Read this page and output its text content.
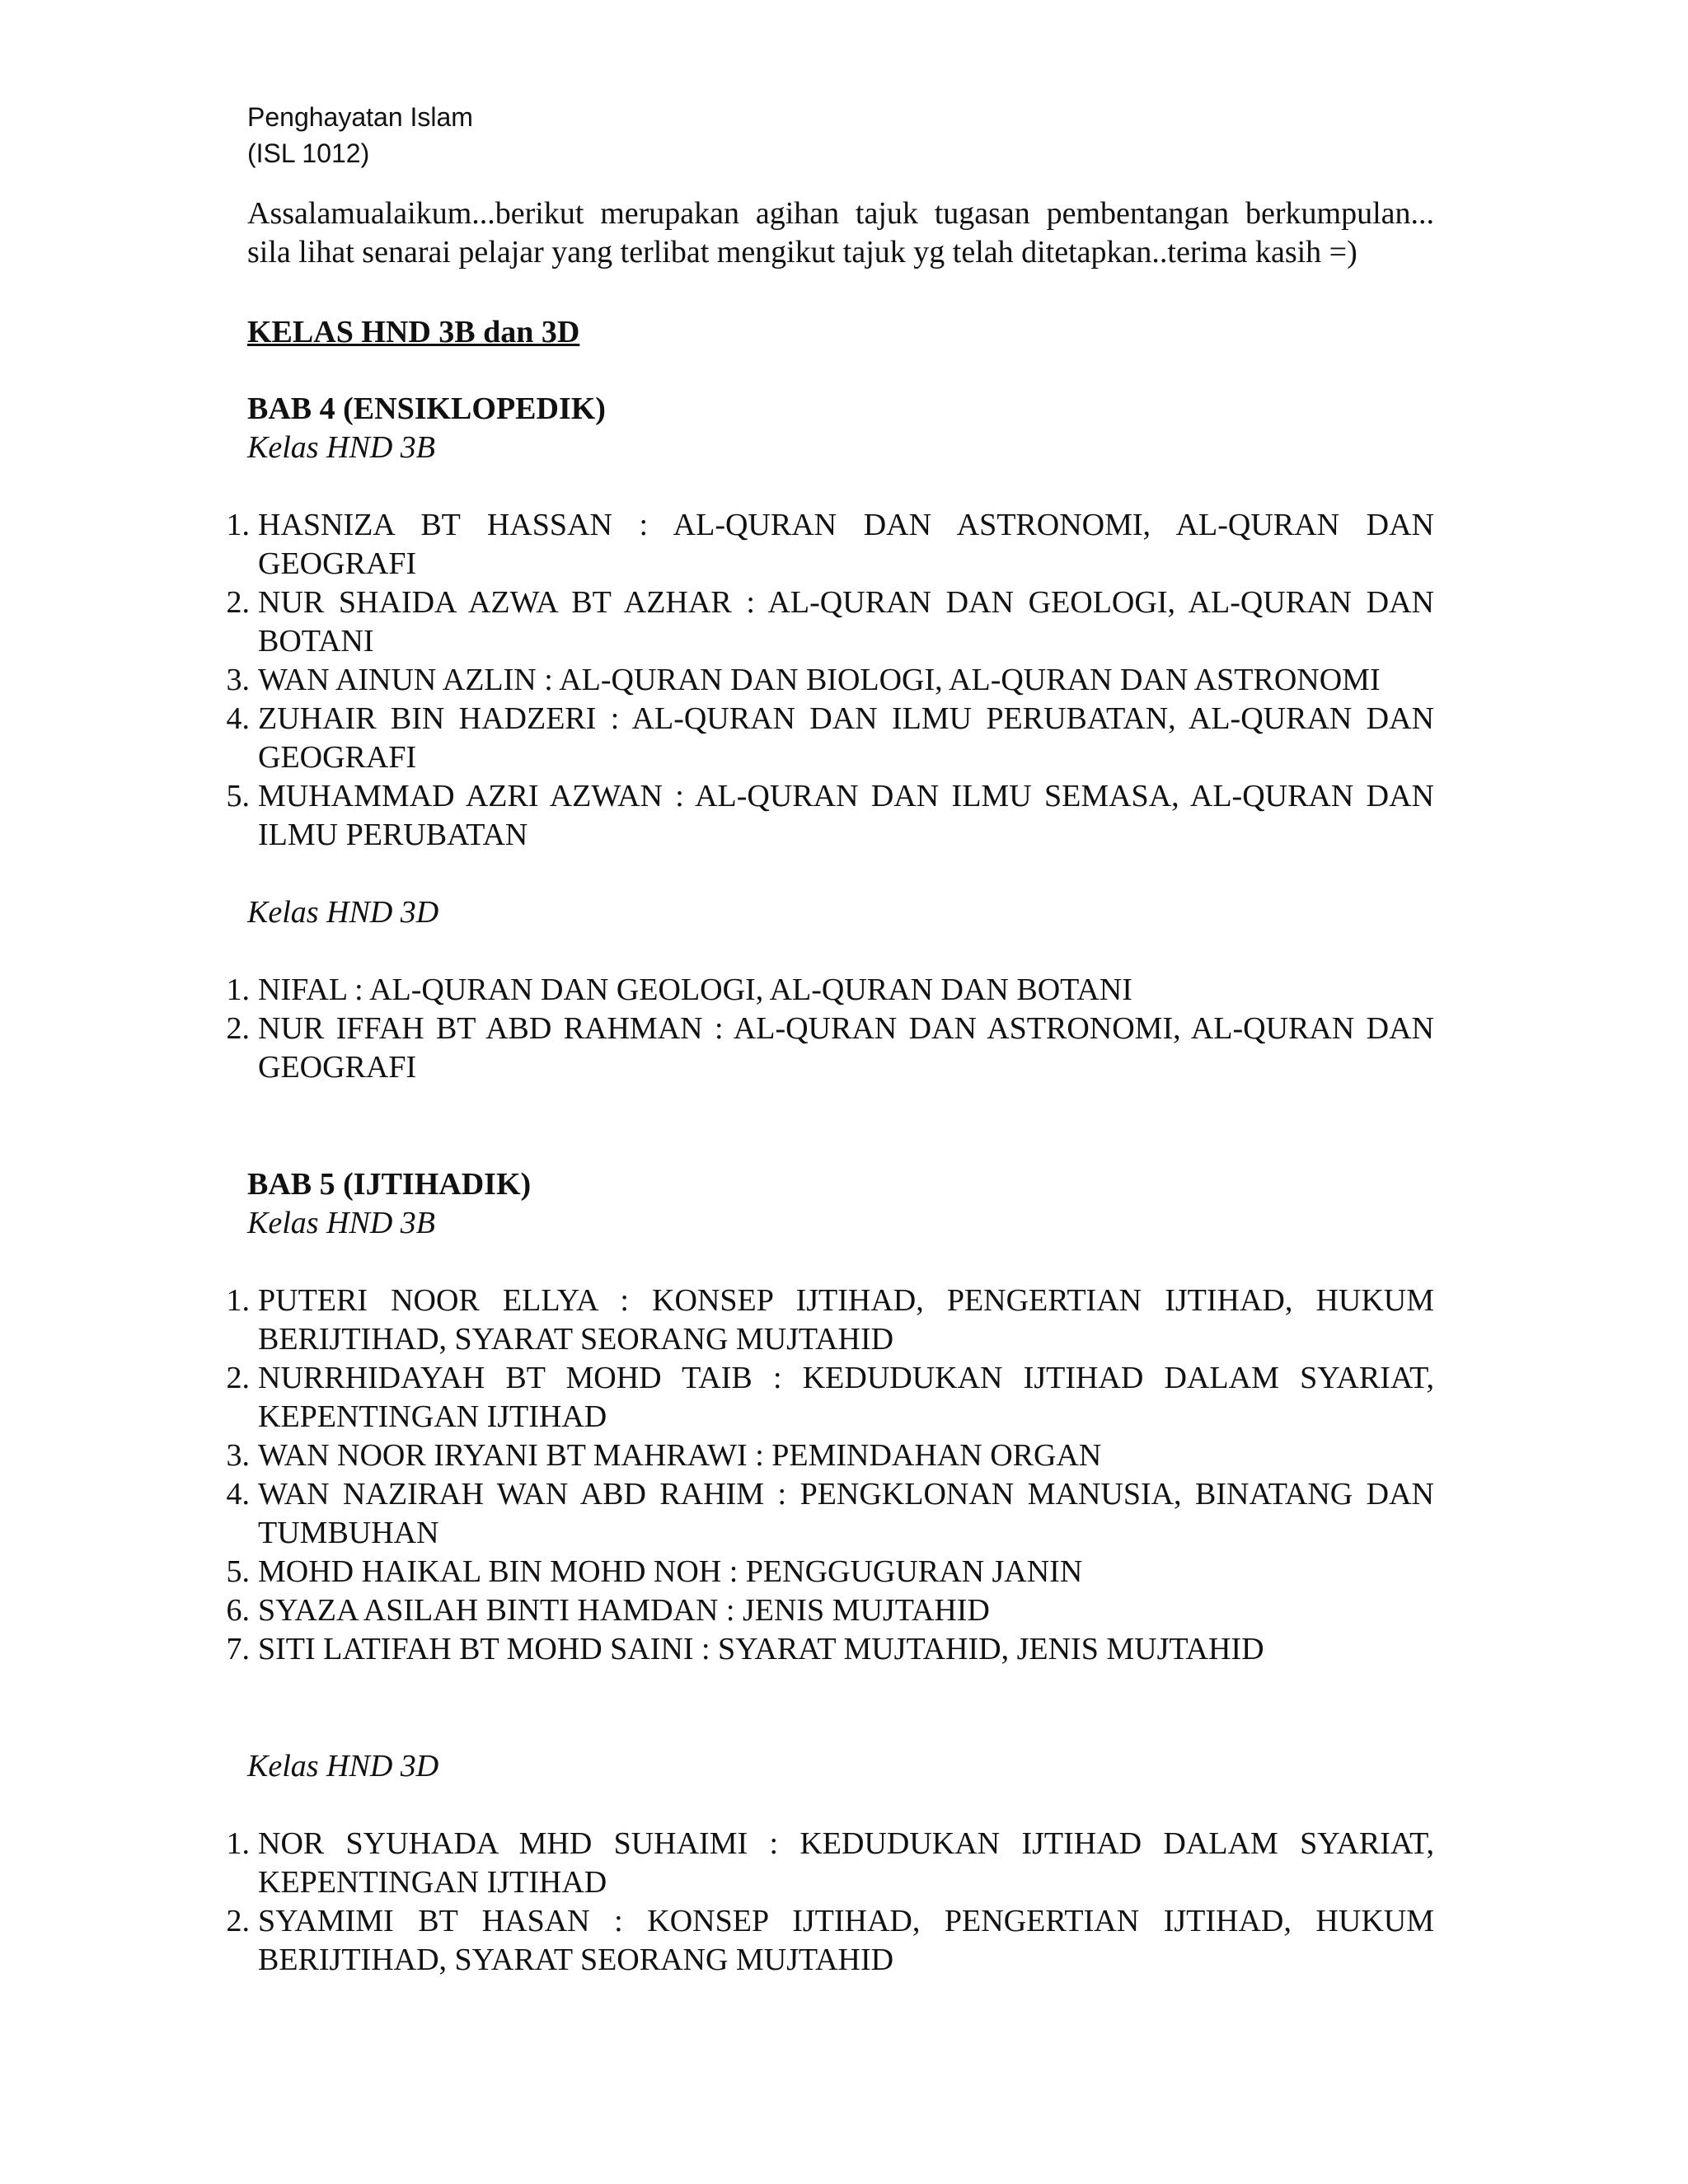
Penghayatan Islam

(ISL 1012)

Assalamualaikum...berikut merupakan agihan tajuk tugasan pembentangan berkumpulan... sila lihat senarai pelajar yang terlibat mengikut tajuk yg telah ditetapkan..terima kasih =)

KELAS HND 3B dan 3D

BAB 4 (ENSIKLOPEDIK)

Kelas HND 3B

1. HASNIZA BT HASSAN : AL-QURAN DAN ASTRONOMI, AL-QURAN DAN GEOGRAFI
2. NUR SHAIDA AZWA BT AZHAR : AL-QURAN DAN GEOLOGI, AL-QURAN DAN BOTANI
3. WAN AINUN AZLIN : AL-QURAN DAN BIOLOGI, AL-QURAN DAN ASTRONOMI
4. ZUHAIR BIN HADZERI : AL-QURAN DAN ILMU PERUBATAN, AL-QURAN DAN GEOGRAFI
5. MUHAMMAD AZRI AZWAN : AL-QURAN DAN ILMU SEMASA, AL-QURAN DAN ILMU PERUBATAN

Kelas HND 3D

1. NIFAL : AL-QURAN DAN GEOLOGI, AL-QURAN DAN BOTANI
2. NUR IFFAH BT ABD RAHMAN : AL-QURAN DAN ASTRONOMI, AL-QURAN DAN GEOGRAFI

BAB 5 (IJTIHADIK)

Kelas HND 3B

1. PUTERI NOOR ELLYA : KONSEP IJTIHAD, PENGERTIAN IJTIHAD, HUKUM BERIJTIHAD, SYARAT SEORANG MUJTAHID
2. NURRHIDAYAH BT MOHD TAIB : KEDUDUKAN IJTIHAD DALAM SYARIAT, KEPENTINGAN IJTIHAD
3. WAN NOOR IRYANI BT MAHRAWI : PEMINDAHAN ORGAN
4. WAN NAZIRAH WAN ABD RAHIM : PENGKLONAN MANUSIA, BINATANG DAN TUMBUHAN
5. MOHD HAIKAL BIN MOHD NOH : PENGGUGURAN JANIN
6. SYAZA ASILAH BINTI HAMDAN : JENIS MUJTAHID
7. SITI LATIFAH BT MOHD SAINI : SYARAT MUJTAHID, JENIS MUJTAHID

Kelas HND 3D

1. NOR SYUHADA MHD SUHAIMI : KEDUDUKAN IJTIHAD DALAM SYARIAT, KEPENTINGAN IJTIHAD
2. SYAMIMI BT HASAN : KONSEP IJTIHAD, PENGERTIAN IJTIHAD, HUKUM BERIJTIHAD, SYARAT SEORANG MUJTAHID
